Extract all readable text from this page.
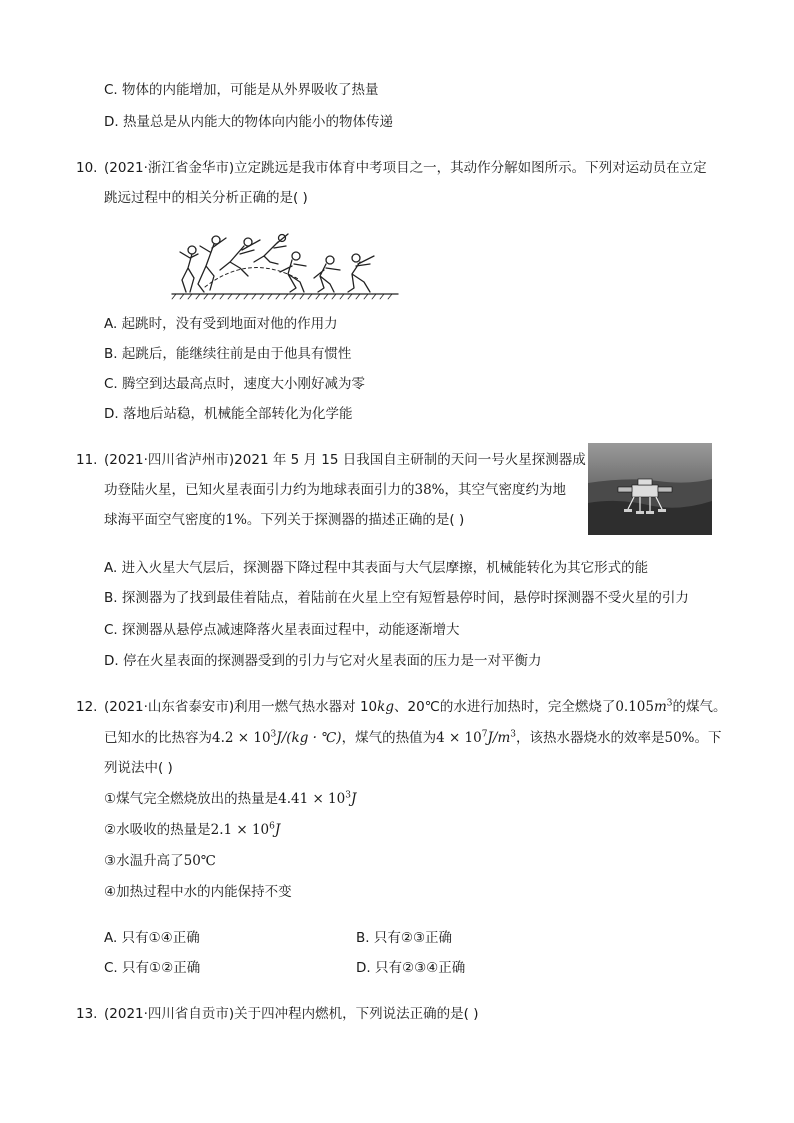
C. 物体的内能增加，可能是从外界吸收了热量
D. 热量总是从内能大的物体向内能小的物体传递
10. (2021·浙江省金华市)立定跳远是我市体育中考项目之一，其动作分解如图所示。下列对运动员在立定
跳远过程中的相关分析正确的是( )
A. 起跳时，没有受到地面对他的作用力
B. 起跳后，能继续往前是由于他具有惯性
C. 腾空到达最高点时，速度大小刚好减为零
D. 落地后站稳，机械能全部转化为化学能
11. (2021·四川省泸州市)2021 年 5 月 15 日我国自主研制的天问一号火星探测器成
功登陆火星，已知火星表面引力约为地球表面引力的38%，其空气密度约为地
球海平面空气密度的1%。下列关于探测器的描述正确的是( )
A. 进入火星大气层后，探测器下降过程中其表面与大气层摩擦，机械能转化为其它形式的能
B. 探测器为了找到最佳着陆点，着陆前在火星上空有短暂悬停时间，悬停时探测器不受火星的引力
C. 探测器从悬停点减速降落火星表面过程中，动能逐渐增大
D. 停在火星表面的探测器受到的引力与它对火星表面的压力是一对平衡力
12. (2021·山东省泰安市)利用一燃气热水器对 10kg、20℃的水进行加热时，完全燃烧了$0.105m^3$的煤气。
已知水的比热容为$4.2 \times 10^3J/(kg$ · ℃)，煤气的热值为$4 \times 10^7J/m^3$，该热水器烧水的效率是50%。下
列说法中( )
①煤气完全燃烧放出的热量是$4.41 \times 10^3J$
②水吸收的热量是$2.1 \times 10^6J$
③水温升高了50℃
④加热过程中水的内能保持不变
A. 只有①④正确	B. 只有②③正确
C. 只有①②正确	D. 只有②③④正确
13. (2021·四川省自贡市)关于四冲程内燃机，下列说法正确的是( )
